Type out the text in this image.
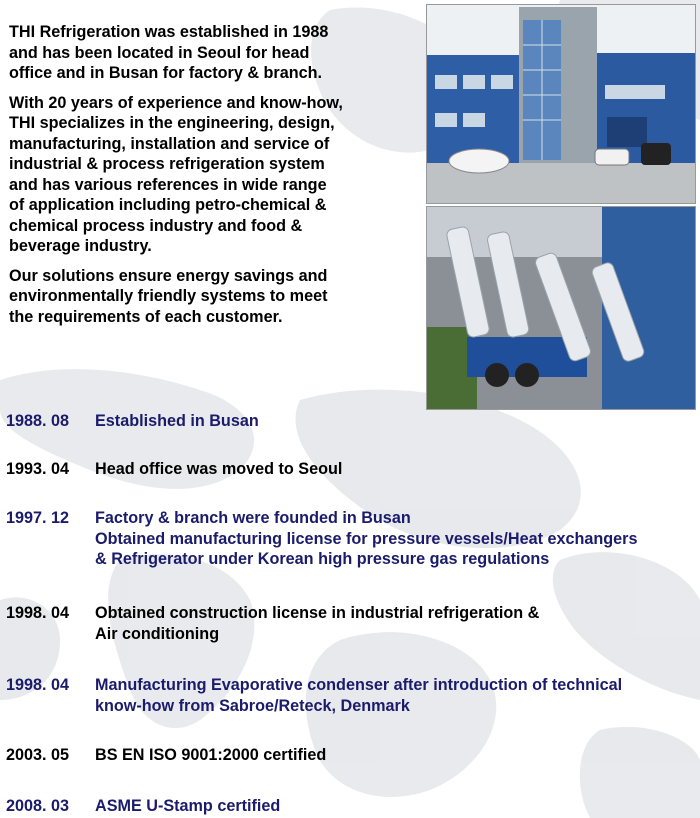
THI Refrigeration was established in 1988
and has been located in Seoul for head
office and in Busan for factory & branch.

With 20 years of experience and know-how,
THI specializes in the engineering, design,
manufacturing, installation and service of
industrial & process refrigeration system
and has various references in wide range
of application including petro-chemical &
chemical process industry and food &
beverage industry.

Our solutions ensure energy savings and
environmentally friendly systems to meet
the requirements of each customer.

1988. 08	Established in Busan
1993. 04	Head office was moved to Seoul
1997. 12	Factory & branch were founded in Busan
Obtained manufacturing license for pressure vessels/Heat exchangers
& Refrigerator under Korean high pressure gas regulations
1998. 04	Obtained construction license in industrial refrigeration &
Air conditioning
1998. 04	Manufacturing Evaporative condenser after introduction of technical
know-how from Sabroe/Reteck, Denmark
2003. 05	BS EN ISO 9001:2000 certified
2008. 03	ASME U-Stamp certified
